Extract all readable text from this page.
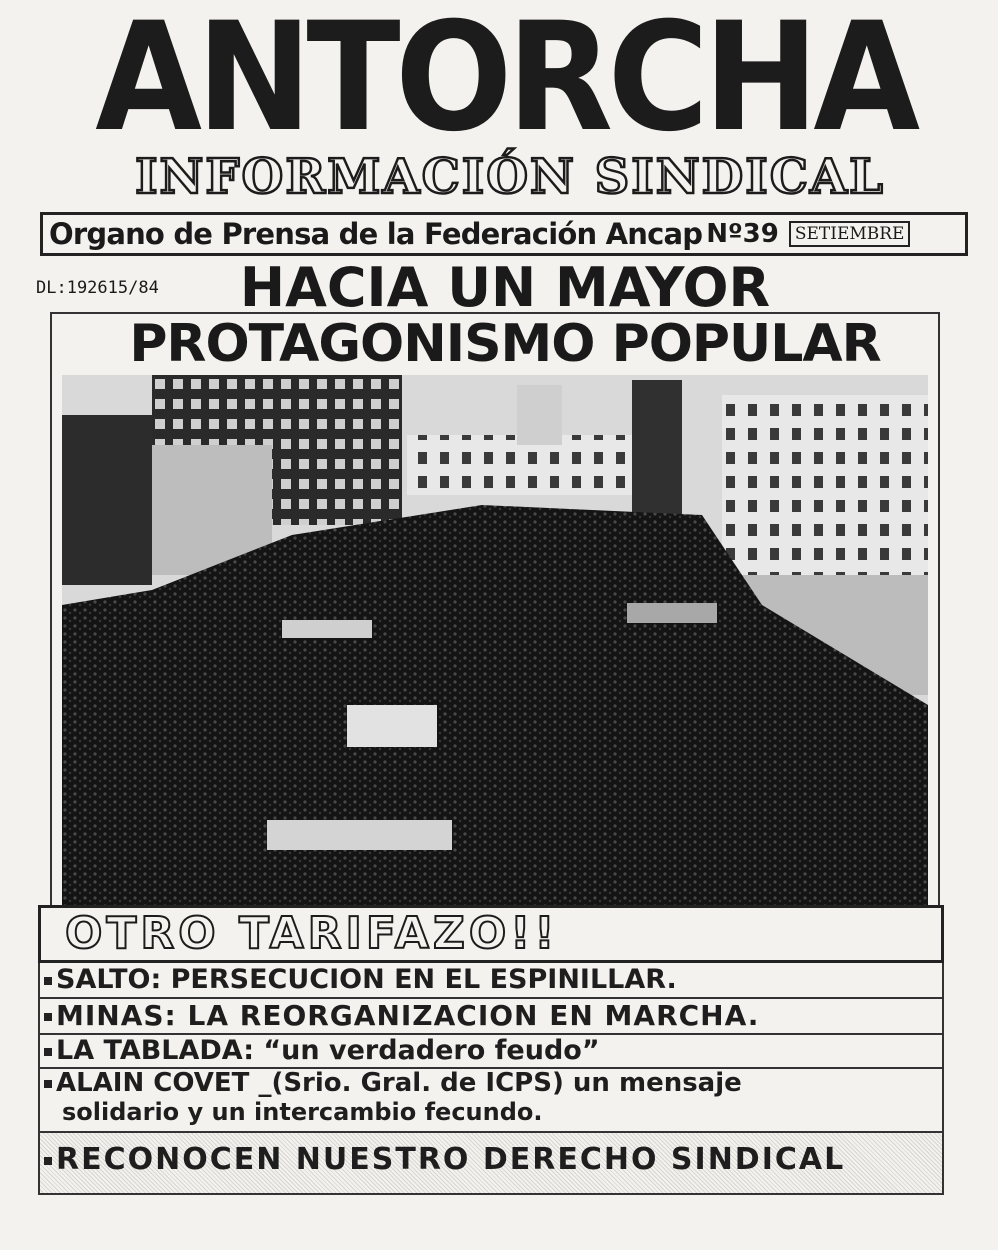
ANTORCHA
INFORMACIÓN SINDICAL
Organo de Prensa de la Federación Ancap Nº39 SETIEMBRE
DL:192615/84	HACIA UN MAYOR
PROTAGONISMO POPULAR
OTRO TARIFAZO!!
SALTO: PERSECUCION EN EL ESPINILLAR.
MINAS: LA REORGANIZACION EN MARCHA.
LA TABLADA: “un verdadero feudo”
ALAIN COVET _(Srio. Gral. de ICPS) un mensaje
solidario y un intercambio fecundo.
RECONOCEN NUESTRO DERECHO SINDICAL
